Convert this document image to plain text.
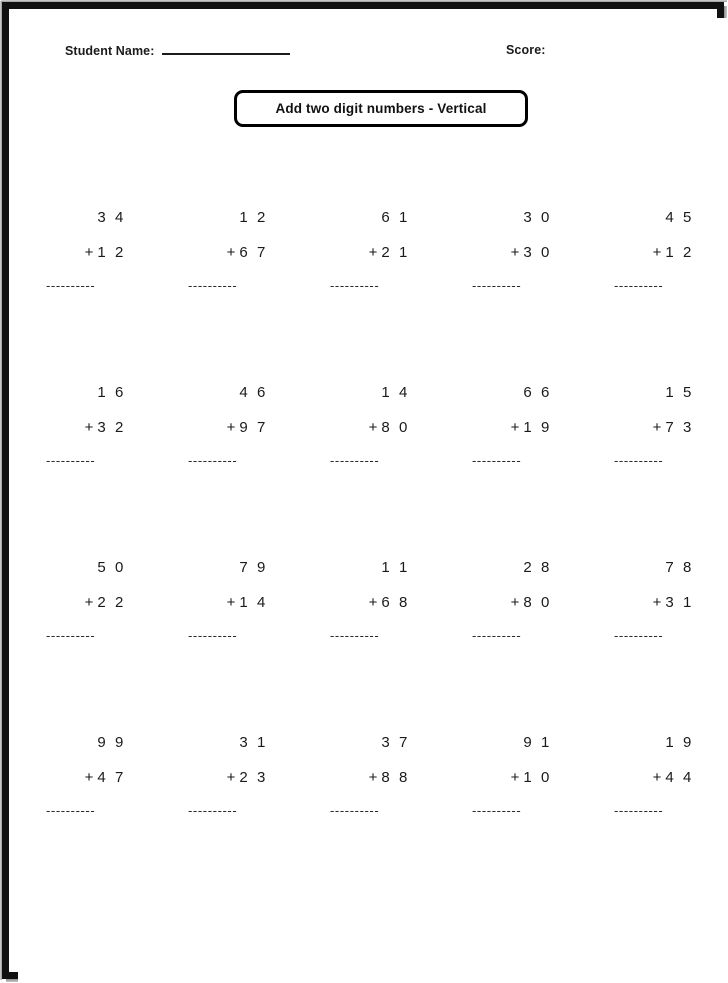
Student Name:	Score:
Add two digit numbers - Vertical
3 4
+ 1 2
----------
1 2
+ 6 7
----------
6 1
+ 2 1
----------
3 0
+ 3 0
----------
4 5
+ 1 2
----------
1 6
+ 3 2
----------
4 6
+ 9 7
----------
1 4
+ 8 0
----------
6 6
+ 1 9
----------
1 5
+ 7 3
----------
5 0
+ 2 2
----------
7 9
+ 1 4
----------
1 1
+ 6 8
----------
2 8
+ 8 0
----------
7 8
+ 3 1
----------
9 9
+ 4 7
----------
3 1
+ 2 3
----------
3 7
+ 8 8
----------
9 1
+ 1 0
----------
1 9
+ 4 4
----------
